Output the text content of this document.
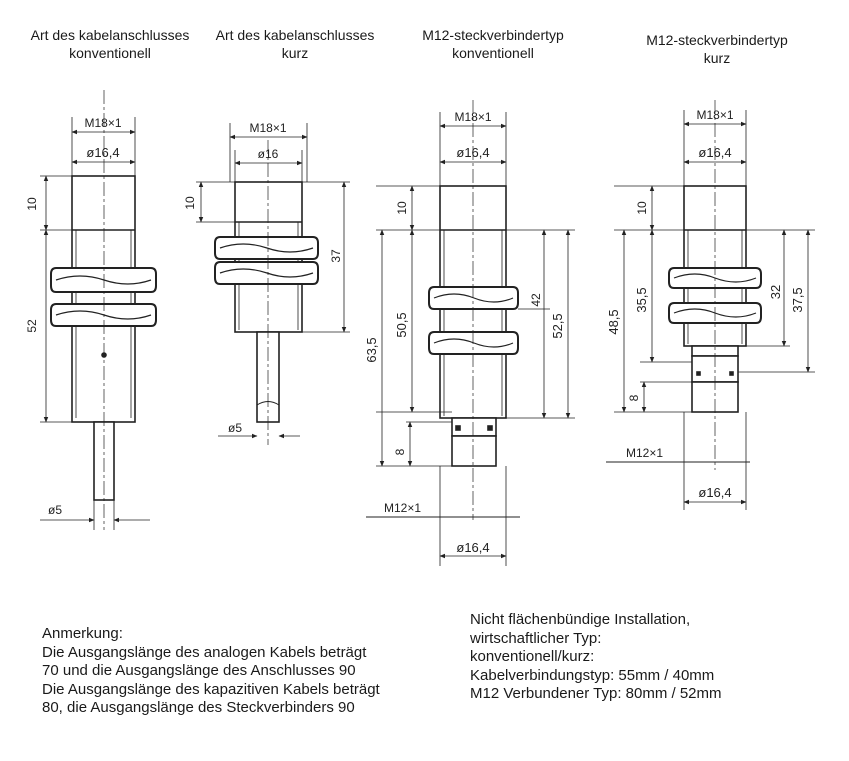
Art des kabelanschlusses
konventionell
Art des kabelanschlusses
kurz
M12-steckverbindertyp
konventionell
M12-steckverbindertyp
kurz
M18×1
ø16,4
10
52
ø5
M18×1
ø16
10
37
ø5
M18×1
ø16,4
10
63,5
50,5
8
42
52,5
M12×1
ø16,4
M18×1
ø16,4
10
48,5
35,5
8
32 37,5
M12×1
ø16,4
Anmerkung:
Die Ausgangslänge des analogen Kabels beträgt
70 und die Ausgangslänge des Anschlusses 90
Die Ausgangslänge des kapazitiven Kabels beträgt
80, die Ausgangslänge des Steckverbinders 90
Nicht flächenbündige Installation,
wirtschaftlicher Typ:
konventionell/kurz:
Kabelverbindungstyp: 55mm / 40mm
M12 Verbundener Typ: 80mm / 52mm
